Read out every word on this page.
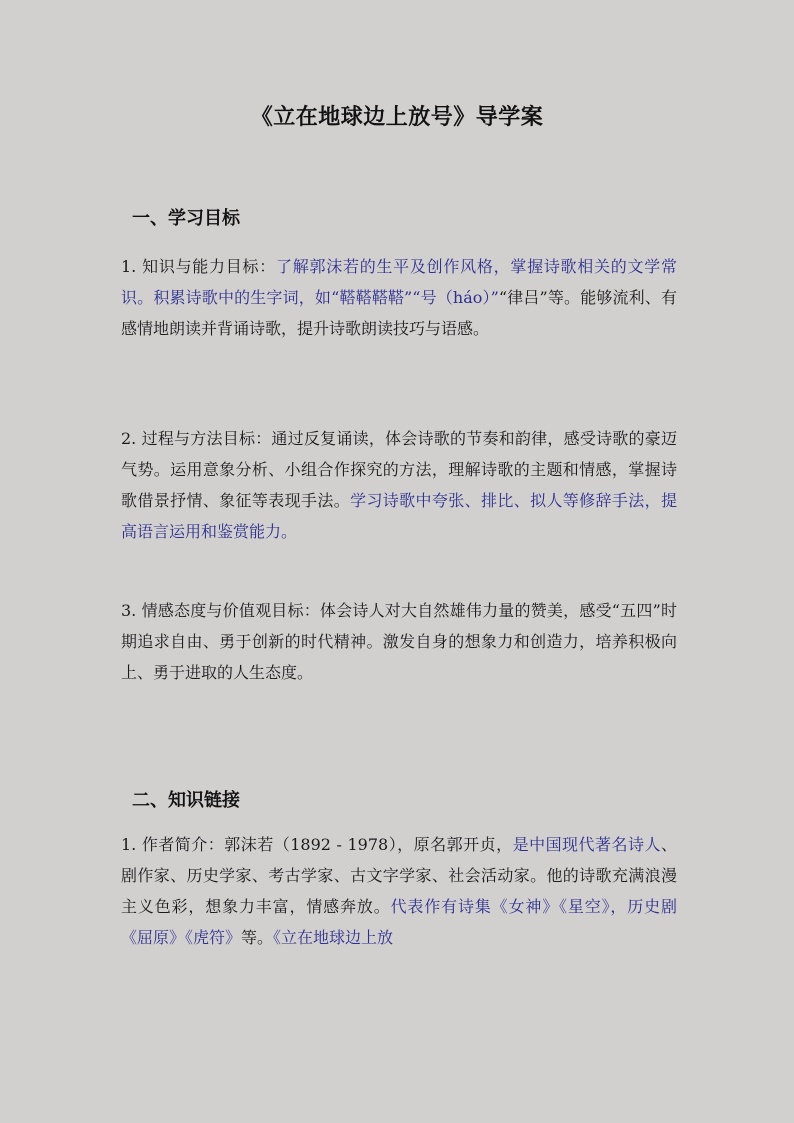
《立在地球边上放号》导学案
一、学习目标

1. 知识与能力目标：了解郭沫若的生平及创作风格，掌握诗歌相关的文学常识。积累诗歌中的生字词，如“鞳鞳鞳鞳”“号（háo）”“律吕”等。能够流利、有感情地朗读并背诵诗歌，提升诗歌朗读技巧与语感。

2. 过程与方法目标：通过反复诵读，体会诗歌的节奏和韵律，感受诗歌的豪迈气势。运用意象分析、小组合作探究的方法，理解诗歌的主题和情感，掌握诗歌借景抒情、象征等表现手法。学习诗歌中夸张、排比、拟人等修辞手法，提高语言运用和鉴赏能力。

3. 情感态度与价值观目标：体会诗人对大自然雄伟力量的赞美，感受“五四”时期追求自由、勇于创新的时代精神。激发自身的想象力和创造力，培养积极向上、勇于进取的人生态度。

二、知识链接

1. 作者简介：郭沫若（1892 - 1978），原名郭开贞，是中国现代著名诗人、剧作家、历史学家、考古学家、古文字学家、社会活动家。他的诗歌充满浪漫主义色彩，想象力丰富，情感奔放。代表作有诗集《女神》《星空》，历史剧《屈原》《虎符》等。《立在地球边上放
